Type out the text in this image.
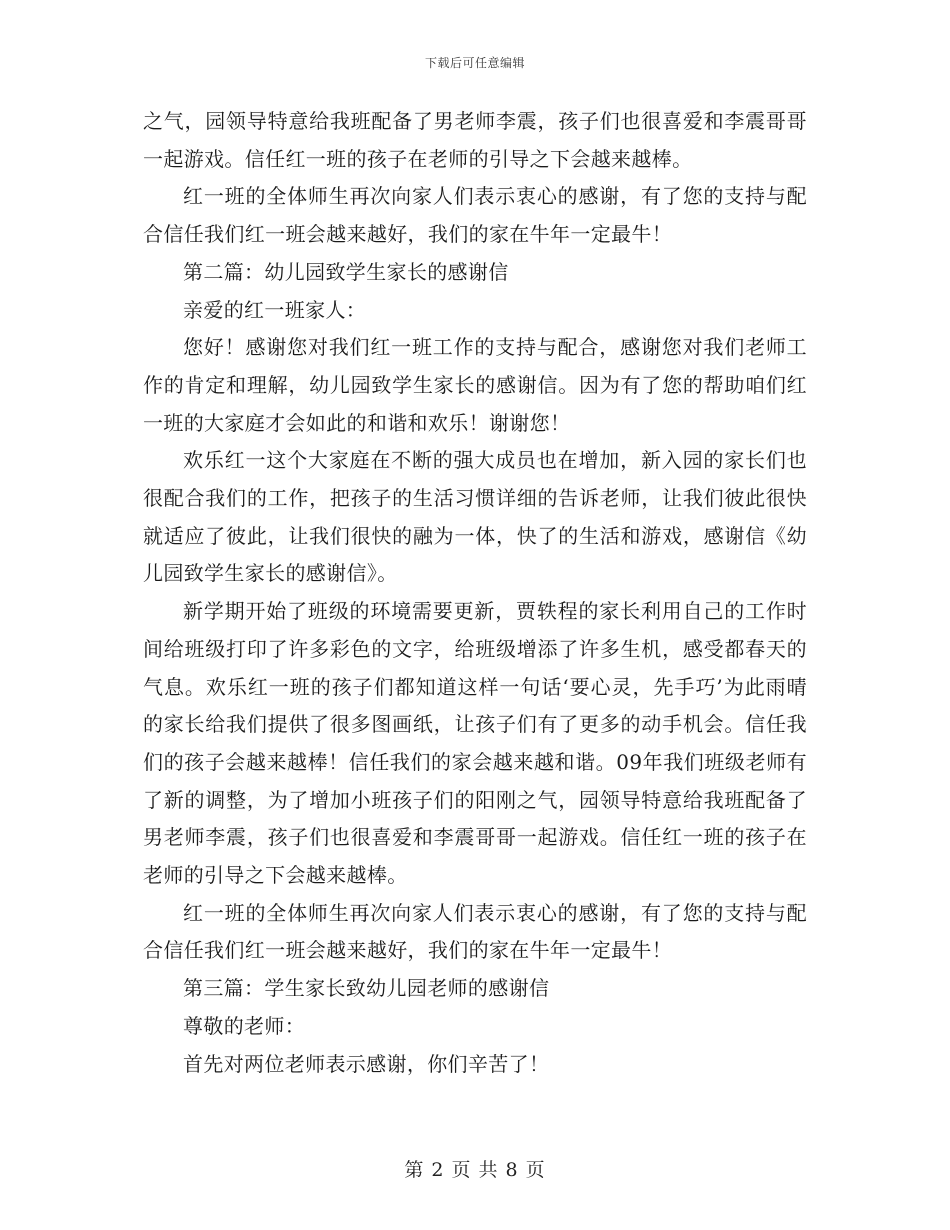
下载后可任意编辑

之气，园领导特意给我班配备了男老师李震，孩子们也很喜爱和李震哥哥一起游戏。信任红一班的孩子在老师的引导之下会越来越棒。

红一班的全体师生再次向家人们表示衷心的感谢，有了您的支持与配合信任我们红一班会越来越好，我们的家在牛年一定最牛！

第二篇：幼儿园致学生家长的感谢信

亲爱的红一班家人：

您好！感谢您对我们红一班工作的支持与配合，感谢您对我们老师工作的肯定和理解，幼儿园致学生家长的感谢信。因为有了您的帮助咱们红一班的大家庭才会如此的和谐和欢乐！谢谢您！

欢乐红一这个大家庭在不断的强大成员也在增加，新入园的家长们也很配合我们的工作，把孩子的生活习惯详细的告诉老师，让我们彼此很快就适应了彼此，让我们很快的融为一体，快了的生活和游戏，感谢信《幼儿园致学生家长的感谢信》。

新学期开始了班级的环境需要更新，贾轶程的家长利用自己的工作时间给班级打印了许多彩色的文字，给班级增添了许多生机，感受都春天的气息。欢乐红一班的孩子们都知道这样一句话‘要心灵，先手巧’为此雨晴的家长给我们提供了很多图画纸，让孩子们有了更多的动手机会。信任我们的孩子会越来越棒！信任我们的家会越来越和谐。09年我们班级老师有了新的调整，为了增加小班孩子们的阳刚之气，园领导特意给我班配备了男老师李震，孩子们也很喜爱和李震哥哥一起游戏。信任红一班的孩子在老师的引导之下会越来越棒。

红一班的全体师生再次向家人们表示衷心的感谢，有了您的支持与配合信任我们红一班会越来越好，我们的家在牛年一定最牛！

第三篇：学生家长致幼儿园老师的感谢信

尊敬的老师：

首先对两位老师表示感谢，你们辛苦了！

第 2 页 共 8 页
